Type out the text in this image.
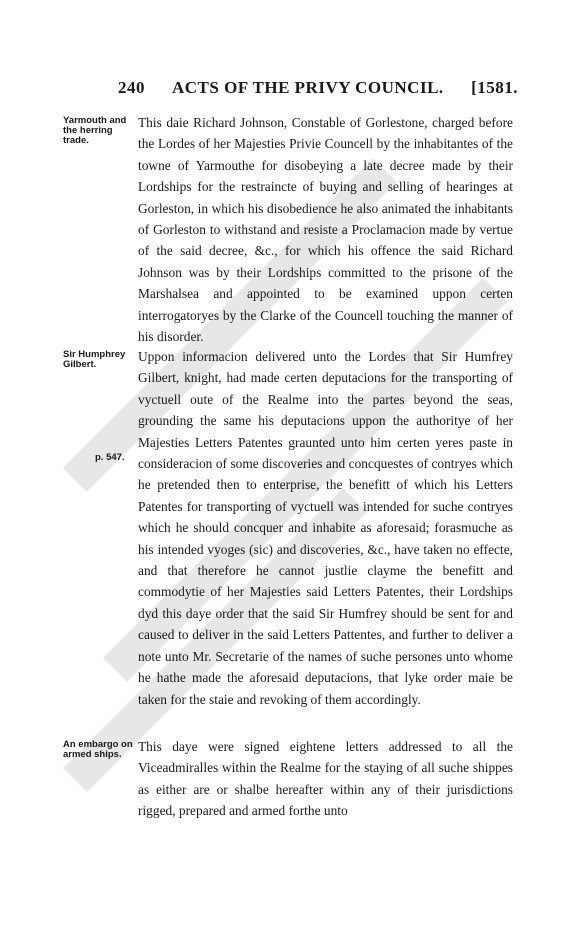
240 ACTS OF THE PRIVY COUNCIL. [1581.
Yarmouth and the herring trade.

This daie Richard Johnson, Constable of Gorlestone, charged before the Lordes of her Majesties Privie Councell by the inhabitantes of the towne of Yarmouthe for disobeying a late decree made by their Lordships for the restraincte of buying and selling of hearinges at Gorleston, in which his disobedience he also animated the inhabitants of Gorleston to withstand and resiste a Proclamacion made by vertue of the said decree, &c., for which his offence the said Richard Johnson was by their Lordships committed to the prisone of the Marshalsea and appointed to be examined uppon certen interrogatoryes by the Clarke of the Councell touching the manner of his disorder.

Sir Humphrey Gilbert.
p. 547.

Uppon informacion delivered unto the Lordes that Sir Humfrey Gilbert, knight, had made certen deputacions for the transporting of vyctuell oute of the Realme into the partes beyond the seas, grounding the same his deputacions uppon the authoritye of her Majesties Letters Patentes graunted unto him certen yeres paste in consideracion of some discoveries and concquestes of contryes which he pretended then to enterprise, the benefitt of which his Letters Patentes for transporting of vyctuell was intended for suche contryes which he should concquer and inhabite as aforesaid; forasmuche as his intended vyoges (sic) and discoveries, &c., have taken no effecte, and that therefore he cannot justlie clayme the benefitt and commodytie of her Majesties said Letters Patentes, their Lordships dyd this daye order that the said Sir Humfrey should be sent for and caused to deliver in the said Letters Pattentes, and further to deliver a note unto Mr. Secretarie of the names of suche persones unto whome he hathe made the aforesaid deputacions, that lyke order maie be taken for the staie and revoking of them accordingly.

An embargo on armed ships.

This daye were signed eightene letters addressed to all the Viceadmiralles within the Realme for the staying of all suche shippes as either are or shalbe hereafter within any of their jurisdictions rigged, prepared and armed forthe unto
